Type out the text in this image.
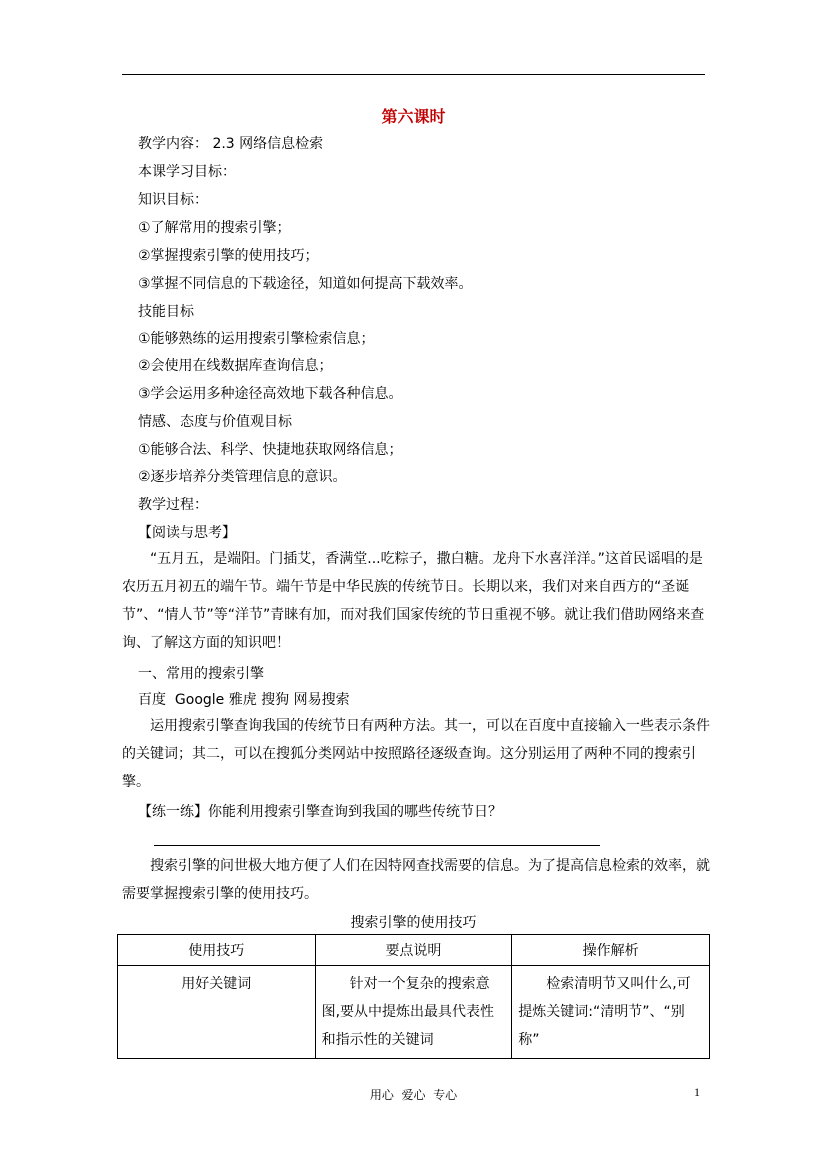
第六课时
教学内容： 2.3 网络信息检索
本课学习目标：
知识目标：
①了解常用的搜索引擎；
②掌握搜索引擎的使用技巧；
③掌握不同信息的下载途径，知道如何提高下载效率。
技能目标
①能够熟练的运用搜索引擎检索信息；
②会使用在线数据库查询信息；
③学会运用多种途径高效地下载各种信息。
情感、态度与价值观目标
①能够合法、科学、快捷地获取网络信息；
②逐步培养分类管理信息的意识。
教学过程：
【阅读与思考】
“五月五，是端阳。门插艾，香满堂...吃粽子，撒白糖。龙舟下水喜洋洋。”这首民谣唱的是农历五月初五的端午节。端午节是中华民族的传统节日。长期以来，我们对来自西方的“圣诞节”、“情人节”等“洋节”青睐有加，而对我们国家传统的节日重视不够。就让我们借助网络来查询、了解这方面的知识吧！
一、常用的搜索引擎
百度  Google 雅虎 搜狗 网易搜索
运用搜索引擎查询我国的传统节日有两种方法。其一，可以在百度中直接输入一些表示条件的关键词；其二，可以在搜狐分类网站中按照路径逐级查询。这分别运用了两种不同的搜索引擎。
【练一练】你能利用搜索引擎查询到我国的哪些传统节日？
搜索引擎的问世极大地方便了人们在因特网查找需要的信息。为了提高信息检索的效率，就需要掌握搜索引擎的使用技巧。
搜索引擎的使用技巧
使用技巧	要点说明	操作解析
用好关键词	针对一个复杂的搜索意图,要从中提炼出最具代表性和指示性的关键词	检索清明节又叫什么,可提炼关键词:“清明节”、“别称”
用心  爱心  专心	1
